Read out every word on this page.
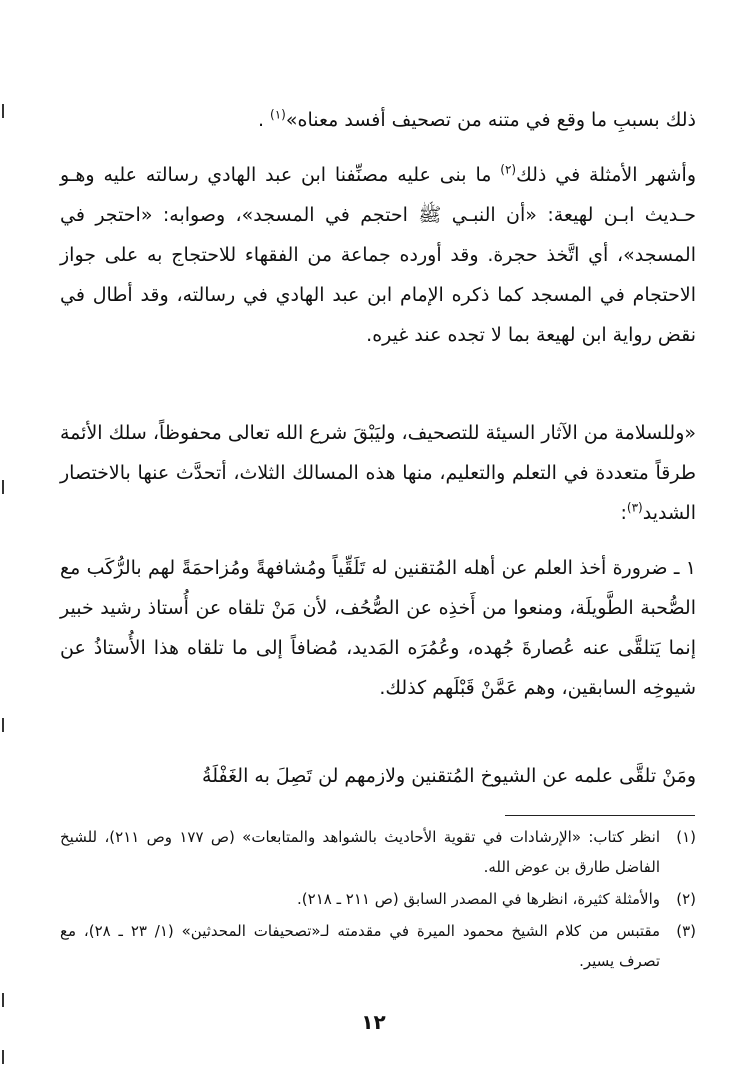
ذلك بسببِ ما وقع في متنه من تصحيف أفسد معناه»$^{(١)}$ .

وأشهر الأمثلة في ذلك$^{(٢)}$ ما بنى عليه مصنِّفنا ابن عبد الهادي رسالته عليه وهـو حـديث ابـن لهيعة: «أن النبـي ﷺ احتجم في المسجد»، وصوابه: «احتجر في المسجد»، أي اتَّخذ حجرة. وقد أورده جماعة من الفقهاء للاحتجاج به على جواز الاحتجام في المسجد كما ذكره الإمام ابن عبد الهادي في رسالته، وقد أطال في نقض رواية ابن لهيعة بما لا تجده عند غيره.

«وللسلامة من الآثار السيئة للتصحيف، وليَبْقَ شرع الله تعالى محفوظاً، سلك الأئمة طرقاً متعددة في التعلم والتعليم، منها هذه المسالك الثلاث، أتحدَّث عنها بالاختصار الشديد$^{(٣)}$:

١ ـ ضرورة أخذ العلم عن أهله المُتقنين له تَلَقِّياً ومُشافهةً ومُزاحمَةً لهم بالرُّكَب مع الصُّحبة الطَّويلَة، ومنعوا من أَخذِه عن الصُّحُف، لأن مَنْ تلقاه عن أُستاذ رشيد خبير إنما يَتلقَّى عنه عُصارةَ جُهده، وعُمُرَه المَديد، مُضافاً إلى ما تلقاه هذا الأُستاذُ عن شيوخِه السابقين، وهم عَمَّنْ قَبْلَهم كذلك.

ومَنْ تلقَّى علمه عن الشيوخ المُتقنين ولازمهم لن تَصِلَ به الغَفْلَةُ

(١)
انظر كتاب: «الإرشادات في تقوية الأحاديث بالشواهد والمتابعات» (ص ١٧٧ وص ٢١١)، للشيخ الفاضل طارق بن عوض الله.

(٢)
والأمثلة كثيرة، انظرها في المصدر السابق (ص ٢١١ ـ ٢١٨).

(٣)
مقتبس من كلام الشيخ محمود الميرة في مقدمته لـ«تصحيفات المحدثين» (١/ ٢٣ ـ ٢٨)، مع تصرف يسير.

١٢
